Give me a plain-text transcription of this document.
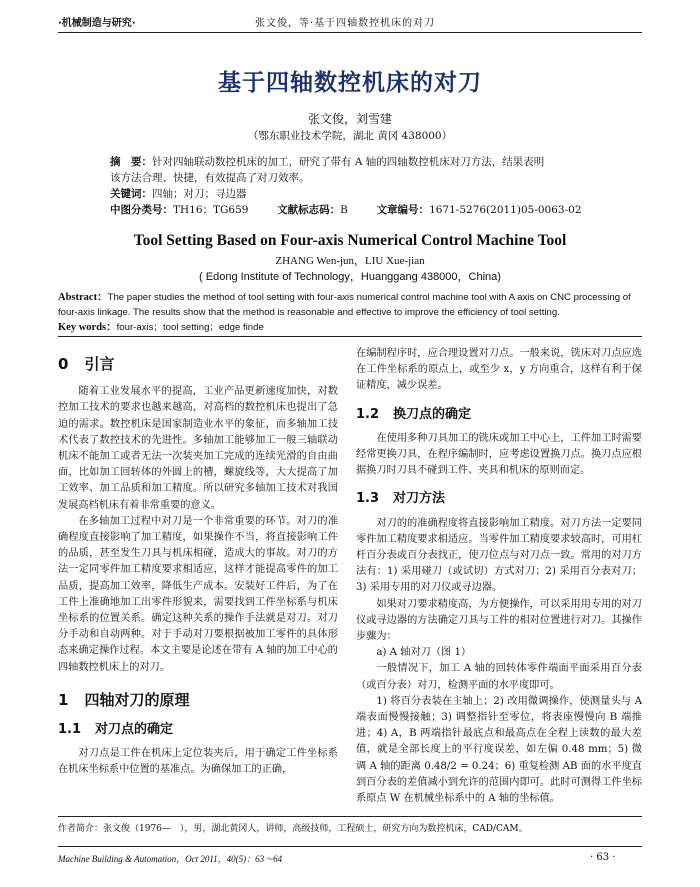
·机械制造与研究·	张文俊，等·基于四轴数控机床的对刀
基于四轴数控机床的对刀
张文俊，刘雪建
（鄂东职业技术学院，湖北 黄冈 438000）
摘　要：针对四轴联动数控机床的加工，研究了带有 A 轴的四轴数控机床对刀方法，结果表明
该方法合理、快捷，有效提高了对刀效率。
关键词：四轴；对刀；寻边器
中图分类号：TH16；TG659	文献标志码：B	文章编号：1671-5276(2011)05-0063-02
Tool Setting Based on Four-axis Numerical Control Machine Tool
ZHANG Wen-jun，LIU Xue-jian
( Edong Institute of Technology，Huanggang 438000，China)
Abstract：The paper studies the method of tool setting with four-axis numerical control machine tool with A axis on CNC processing of four-axis linkage. The results show that the method is reasonable and effective to improve the efficiency of tool setting.
Key words：four-axis；tool setting；edge finde
0 引言

随着工业发展水平的提高，工业产品更新速度加快，对数控加工技术的要求也越来越高，对高档的数控机床也提出了急迫的需求。数控机床是国家制造业水平的象征，而多轴加工技术代表了数控技术的先进性。多轴加工能够加工一般三轴联动机床不能加工或者无法一次装夹加工完成的连续光滑的自由曲面，比如加工回转体的外圆上的槽，螺旋线等，大大提高了加工效率、加工品质和加工精度。所以研究多轴加工技术对我国发展高档机床有着非常重要的意义。

在多轴加工过程中对刀是一个非常重要的环节。对刀的准确程度直接影响了加工精度，如果操作不当，将直接影响工件的品质，甚至发生刀具与机床相碰，造成大的事故。对刀的方法一定同零件加工精度要求相适应，这样才能提高零件的加工品质，提高加工效率，降低生产成本。安装好工件后，为了在工件上准确地加工出零件形貌来，需要找到工件坐标系与机床坐标系的位置关系。确定这种关系的操作手法就是对刀。对刀分手动和自动两种。对于手动对刀要根据被加工零件的具体形态来确定操作过程。本文主要是论述在带有 A 轴的加工中心的四轴数控机床上的对刀。

1 四轴对刀的原理
1.1 对刀点的确定

对刀点是工件在机床上定位装夹后，用于确定工件坐标系在机床坐标系中位置的基准点。为确保加工的正确，

在编制程序时，应合理设置对刀点。一般来说，铣床对刀点应选在工件坐标系的原点上，或至少 x，y 方向重合，这样有利于保证精度，减少误差。

1.2 换刀点的确定

在使用多种刀具加工的铣床或加工中心上，工件加工时需要经常更换刀具，在程序编制时，应考虑设置换刀点。换刀点应根据换刀时刀具不碰到工件、夹具和机床的原则而定。

1.3 对刀方法

对刀的的准确程度将直接影响加工精度。对刀方法一定要同零件加工精度要求相适应。当零件加工精度要求较高时，可用杠杆百分表或百分表找正，使刀位点与对刀点一致。常用的对刀方法有：1) 采用碰刀（或试切）方式对刀；2) 采用百分表对刀；3) 采用专用的对刀仪或寻边器。

如果对刀要求精度高，为方便操作，可以采用用专用的对刀仪或寻边器的方法确定刀具与工件的相对位置进行对刀。其操作步骤为：

a) A 轴对刀（图 1）

一般情况下，加工 A 轴的回转体零件端面平面采用百分表（或百分表）对刀，检测平面的水平度即可。

1) 将百分表装在主轴上；2) 改用微调操作，使测量头与 A 端表面慢慢接触；3) 调整指针至零位，将表座慢慢向 B 端推进；4) A，B 两端指针最底点和最高点在全程上读数的最大差值，就是全部长度上的平行度误差，如左偏 0.48 mm；5) 微调 A 轴的距离 0.48/2 = 0.24；6) 重复检测 AB 面的水平度直到百分表的差值减小到允许的范围内即可。此时可测得工件坐标系原点 W 在机械坐标系中的 A 轴的坐标值。

作者简介：张文俊（1976—　），男，湖北黄冈人，讲师，高级技师，工程硕士，研究方向为数控机床，CAD/CAM。
Machine Building & Automation，Oct 2011，40(5)：63～64	· 63 ·
